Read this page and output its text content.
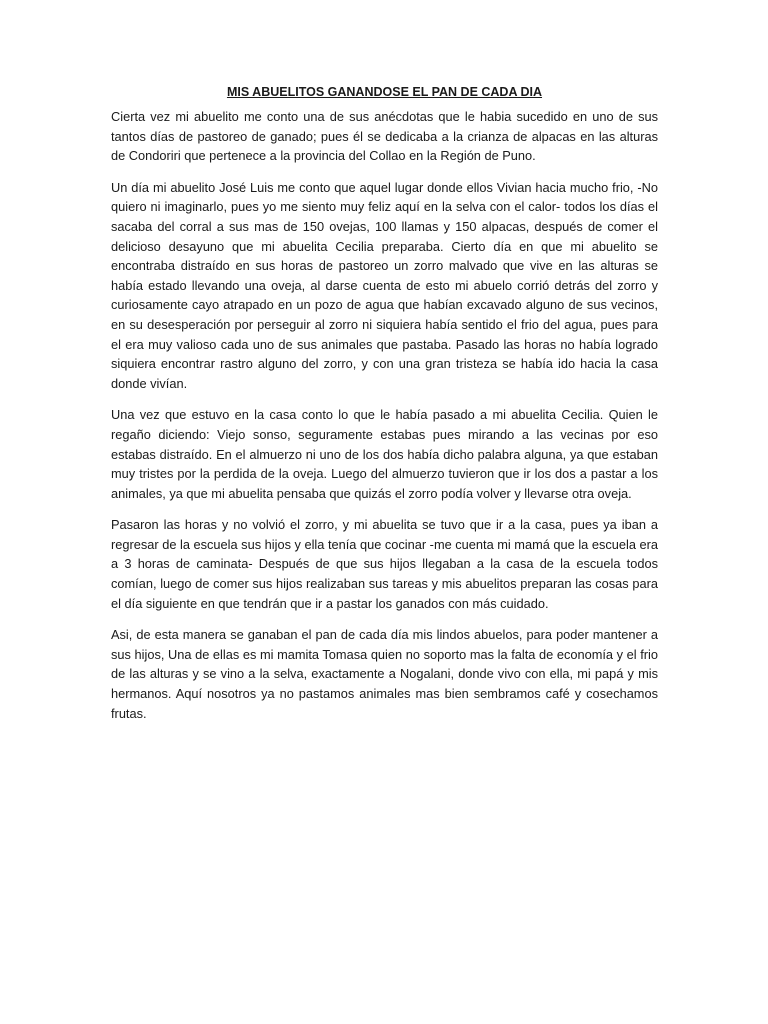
MIS ABUELITOS GANANDOSE EL PAN DE CADA DIA

Cierta vez mi abuelito me conto una de sus anécdotas que le habia sucedido en uno de sus tantos días de pastoreo de ganado; pues él se dedicaba a la crianza de alpacas en las alturas de Condoriri que pertenece a la provincia del Collao en la Región de Puno.

Un día mi abuelito José Luis me conto que aquel lugar donde ellos Vivian hacia mucho frio, -No quiero ni imaginarlo, pues yo me siento muy feliz aquí en la selva con el calor- todos los días el sacaba del corral a sus mas de 150 ovejas, 100 llamas y 150 alpacas, después de comer el delicioso desayuno que mi abuelita Cecilia preparaba. Cierto día en que mi abuelito se encontraba distraído en sus horas de pastoreo un zorro malvado que vive en las alturas se había estado llevando una oveja, al darse cuenta de esto mi abuelo corrió detrás del zorro y curiosamente cayo atrapado en un pozo de agua que habían excavado alguno de sus vecinos, en su desesperación por perseguir al zorro ni siquiera había sentido el frio del agua, pues para el era muy valioso cada uno de sus animales que pastaba. Pasado las horas no había logrado siquiera encontrar rastro alguno del zorro, y con una gran tristeza se había ido hacia la casa donde vivían.

Una vez que estuvo en la casa conto lo que le había pasado a mi abuelita Cecilia. Quien le regaño diciendo: Viejo sonso, seguramente estabas pues mirando a las vecinas por eso estabas distraído. En el almuerzo ni uno de los dos había dicho palabra alguna, ya que estaban muy tristes por la perdida de la oveja. Luego del almuerzo tuvieron que ir los dos a pastar a los animales, ya que mi abuelita pensaba que quizás el zorro podía volver y llevarse otra oveja.

Pasaron las horas y no volvió el zorro, y mi abuelita se tuvo que ir a la casa, pues ya iban a regresar de la escuela sus hijos y ella tenía que cocinar -me cuenta mi mamá que la escuela era a 3 horas de caminata- Después de que sus hijos llegaban a la casa de la escuela todos comían, luego de comer sus hijos realizaban sus tareas y mis abuelitos preparan las cosas para el día siguiente en que tendrán que ir a pastar los ganados con más cuidado.

Asi, de esta manera se ganaban el pan de cada día mis lindos abuelos, para poder mantener a sus hijos, Una de ellas es mi mamita Tomasa quien no soporto mas la falta de economía y el frio de las alturas y se vino a la selva, exactamente a Nogalani, donde vivo con ella, mi papá y mis hermanos. Aquí nosotros ya no pastamos animales mas bien sembramos café y cosechamos frutas.
